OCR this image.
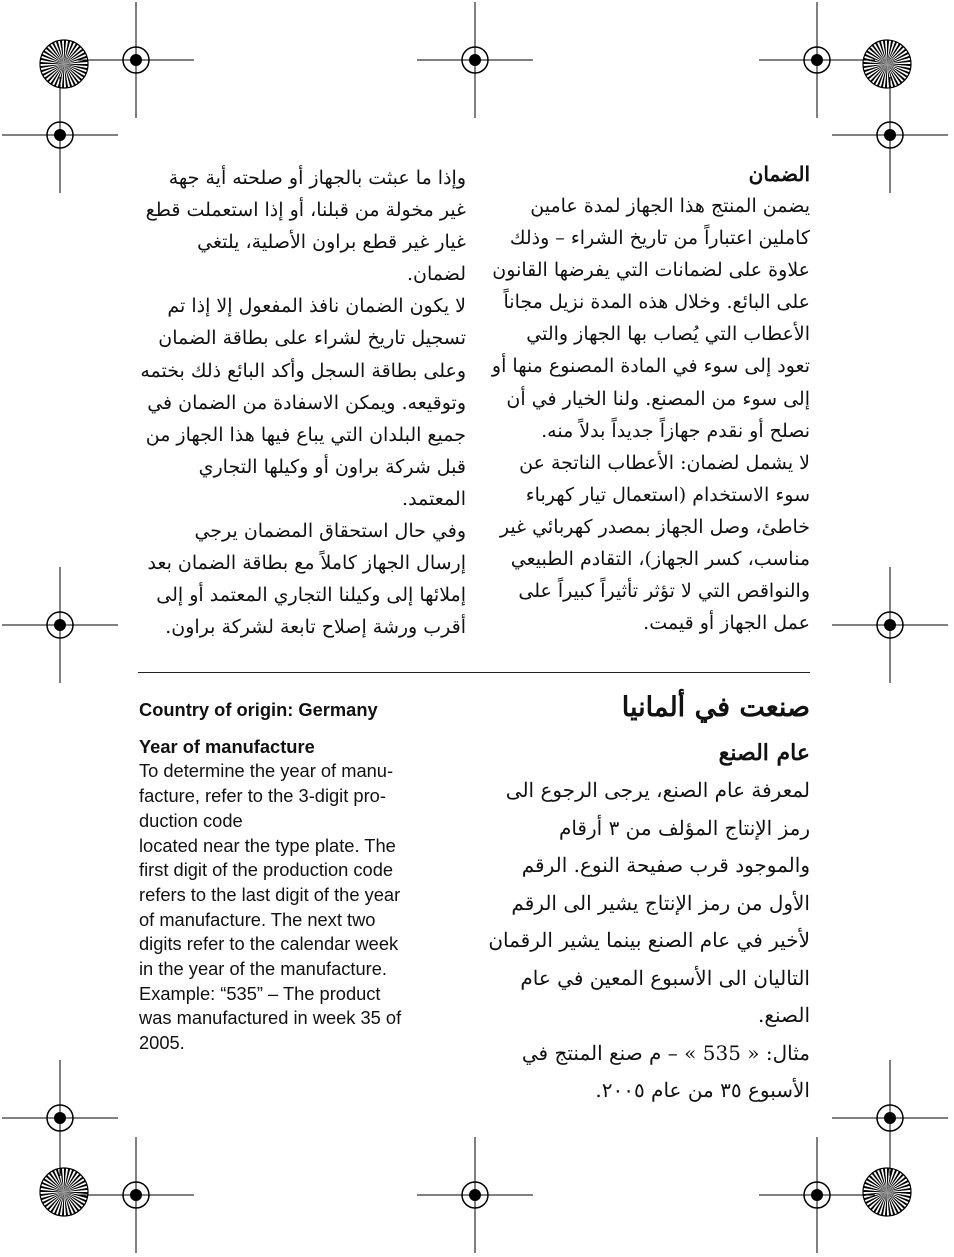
الضمان

يضمن المنتج هذا الجهاز لمدة عامين كاملين اعتباراً من تاريخ الشراء – وذلك علاوة على لضمانات التي يفرضها القانون على البائع. وخلال هذه المدة نزيل مجاناً الأعطاب التي يُصاب بها الجهاز والتي تعود إلى سوء في المادة المصنوع منها أو إلى سوء من المصنع. ولنا الخيار في أن نصلح أو نقدم جهازاً جديداً بدلاً منه.

لا يشمل لضمان: الأعطاب الناتجة عن سوء الاستخدام (استعمال تيار كهرباء خاطئ، وصل الجهاز بمصدر كهربائي غير مناسب، كسر الجهاز)، التقادم الطبيعي والنواقص التي لا تؤثر تأثيراً كبيراً على عمل الجهاز أو قيمت.

وإذا ما عبثت بالجهاز أو صلحته أية جهة غير مخولة من قبلنا، أو إذا استعملت قطع غيار غير قطع براون الأصلية، يلتغي لضمان.

لا يكون الضمان نافذ المفعول إلا إذا تم تسجيل تاريخ لشراء على بطاقة الضمان وعلى بطاقة السجل وأكد البائع ذلك بختمه وتوقيعه. ويمكن الاسفادة من الضمان في جميع البلدان التي يباع فيها هذا الجهاز من قبل شركة براون أو وكيلها التجاري المعتمد.

وفي حال استحقاق المضمان يرجي إرسال الجهاز كاملاً مع بطاقة الضمان بعد إملائها إلى وكيلنا التجاري المعتمد أو إلى أقرب ورشة إصلاح تابعة لشركة براون.

صنعت في ألمانيا

عام الصنع

لمعرفة عام الصنع، يرجى الرجوع الى رمز الإنتاج المؤلف من ٣ أرقام والموجود قرب صفيحة النوع. الرقم الأول من رمز الإنتاج يشير الى الرقم لأخير في عام الصنع بينما يشير الرقمان التاليان الى الأسبوع المعين في عام الصنع.

مثال: « 535 » – م صنع المنتج في الأسبوع ٣٥ من عام ٢٠٠٥.

Country of origin: Germany

Year of manufacture

To determine the year of manu-

facture, refer to the 3-digit pro-

duction code

located near the type plate. The

first digit of the production code

refers to the last digit of the year

of manufacture. The next two

digits refer to the calendar week

in the year of the manufacture.

Example: “535” – The product

was manufactured in week 35 of

2005.
